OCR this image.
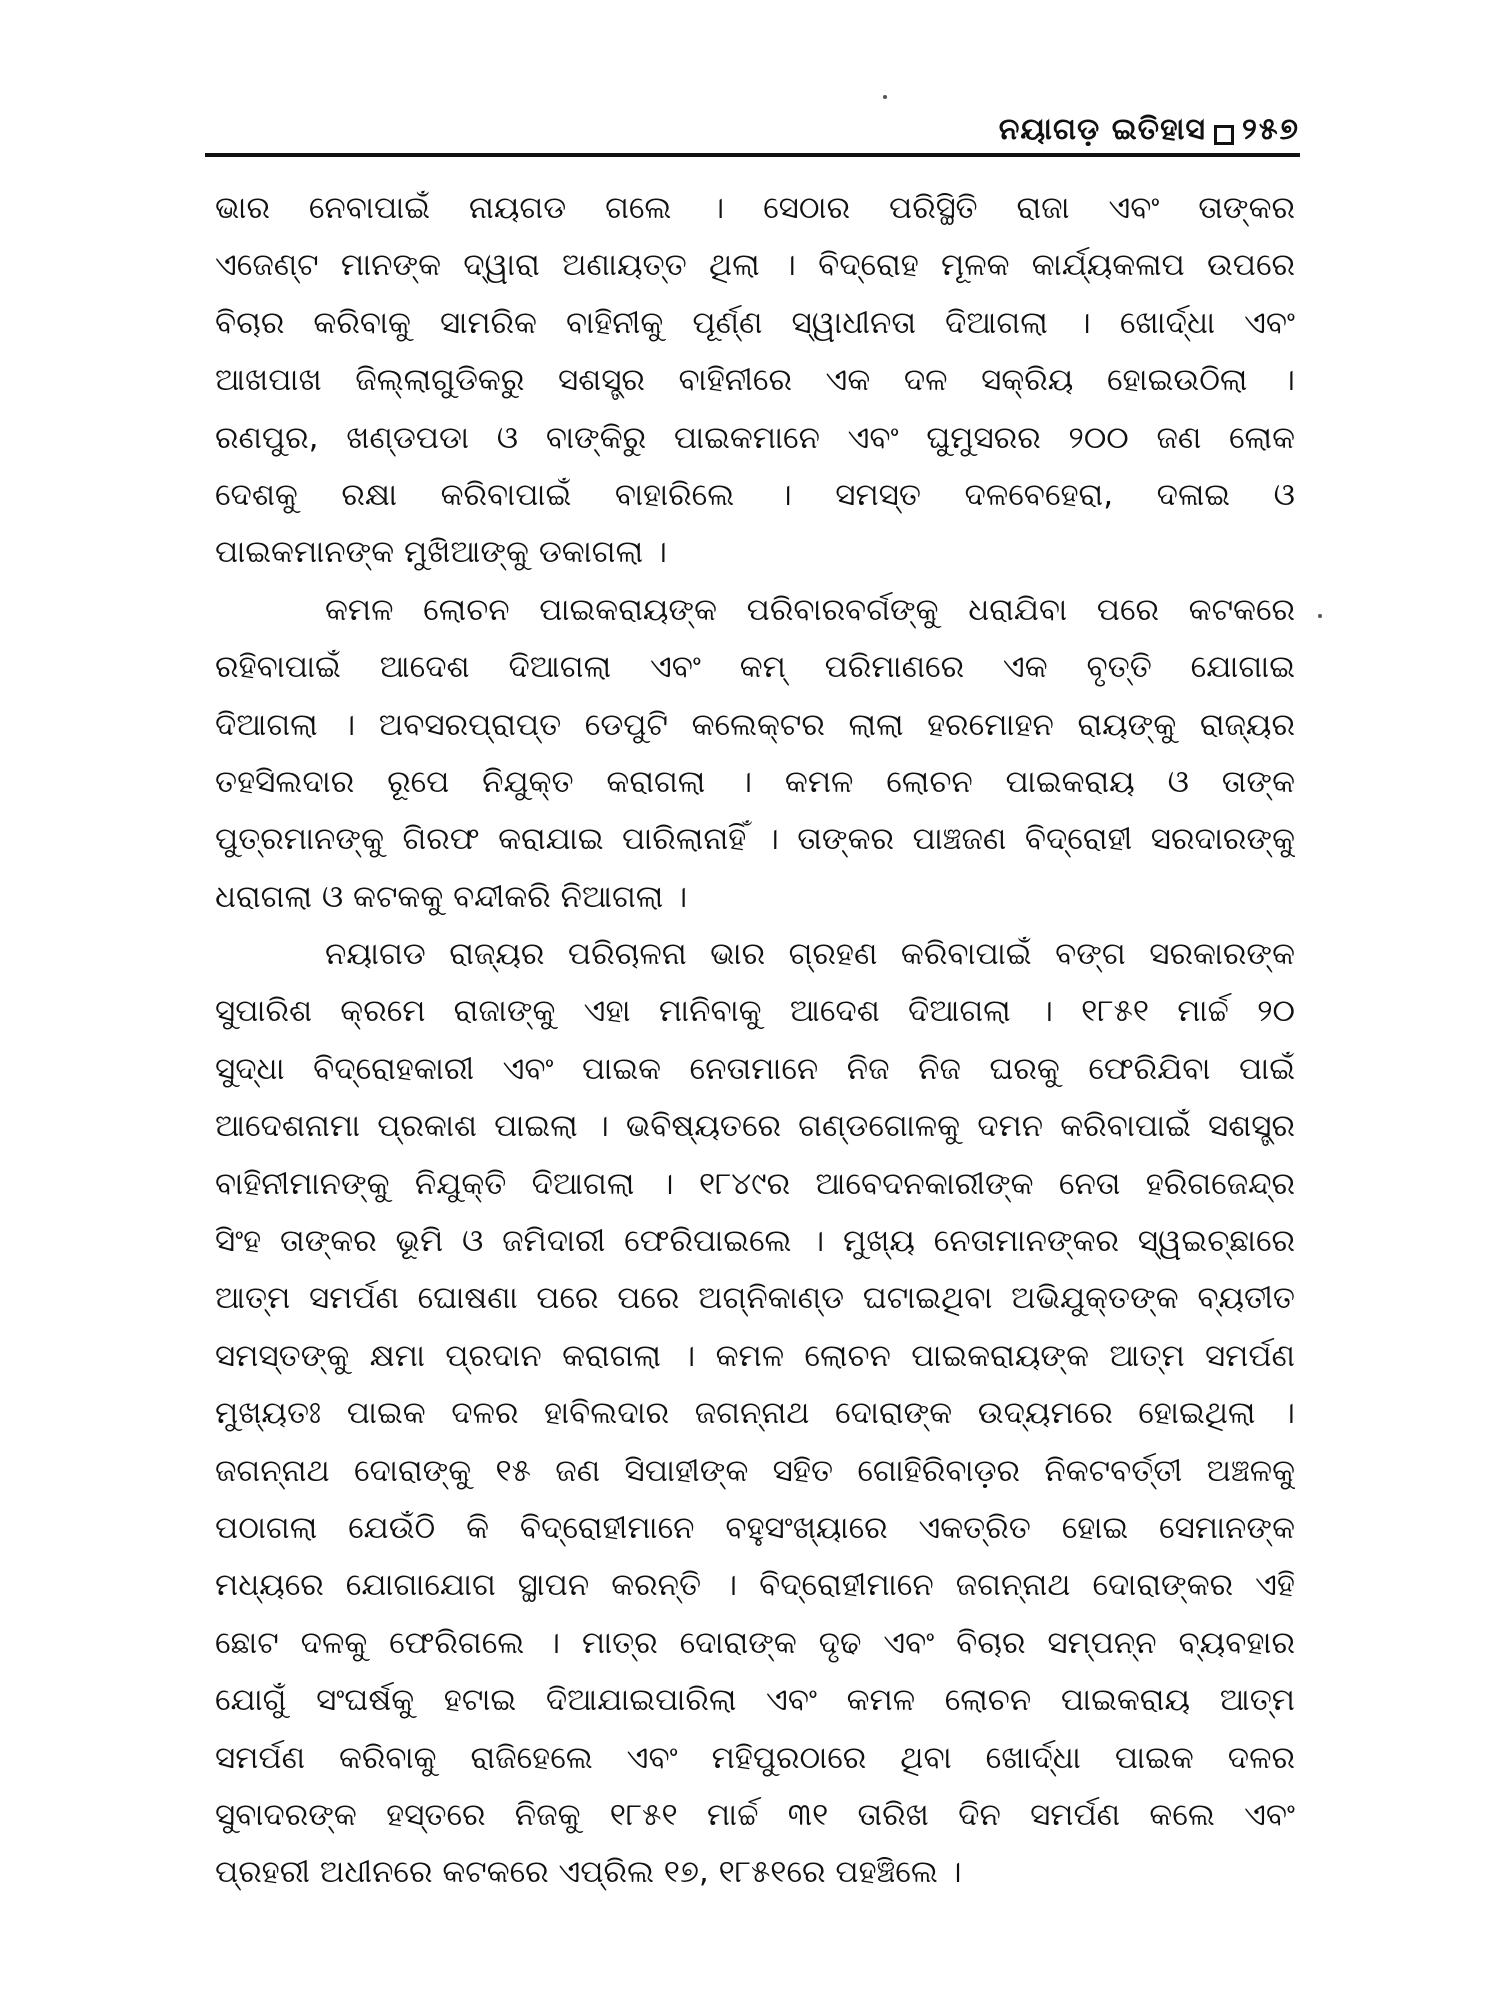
ନୟାଗଡ଼ ଇତିହାସ ୨୫୭
ଭାର ନେବାପାଇଁ ନାୟଗଡ ଗଲେ । ସେଠାର ପରିସ୍ଥିତି ରାଜା ଏବଂ ତାଙ୍କର
ଏଜେଣ୍ଟ ମାନଙ୍କ ଦ୍ୱାରା ଅଣାୟତ୍ତ ଥିଲା । ବିଦ୍ରୋହ ମୂଳକ କାର୍ଯ୍ୟକଳାପ ଉପରେ
ବିଚାର କରିବାକୁ ସାମରିକ ବାହିନୀକୁ ପୂର୍ଣ୍ଣ ସ୍ୱାଧୀନତା ଦିଆଗଲା । ଖୋର୍ଦ୍ଧା ଏବଂ
ଆଖପାଖ ଜିଲ୍ଲାଗୁଡିକରୁ ସଶସ୍ତ୍ର ବାହିନୀରେ ଏକ ଦଳ ସକ୍ରିୟ ହୋଇଉଠିଲା ।
ରଣପୁର, ଖଣ୍ଡପଡା ଓ ବାଙ୍କିରୁ ପାଇକମାନେ ଏବଂ ଘୁମୁସରର ୨୦୦ ଜଣ ଲୋକ
ଦେଶକୁ ରକ୍ଷା କରିବାପାଇଁ ବାହାରିଲେ । ସମସ୍ତ ଦଳବେହେରା, ଦଳାଇ ଓ
ପାଇକମାନଙ୍କ ମୁଖିଆଙ୍କୁ ଡକାଗଲା ।
କମଳ ଲୋଚନ ପାଇକରାୟଙ୍କ ପରିବାରବର୍ଗଙ୍କୁ ଧରାଯିବା ପରେ କଟକରେ
ରହିବାପାଇଁ ଆଦେଶ ଦିଆଗଲା ଏବଂ କମ୍ ପରିମାଣରେ ଏକ ବୃତ୍ତି ଯୋଗାଇ
ଦିଆଗଲା । ଅବସରପ୍ରାପ୍ତ ଡେପୁଟି କଲେକ୍ଟର ଲାଲା ହରମୋହନ ରାୟଙ୍କୁ ରାଜ୍ୟର
ତହସିଲଦାର ରୂପେ ନିଯୁକ୍ତ କରାଗଲା । କମଳ ଲୋଚନ ପାଇକରାୟ ଓ ତାଙ୍କ
ପୁତ୍ରମାନଙ୍କୁ ଗିରଫ କରାଯାଇ ପାରିଲାନାହିଁ । ତାଙ୍କର ପାଞ୍ଚଜଣ ବିଦ୍ରୋହୀ ସରଦାରଙ୍କୁ
ଧରାଗଲା ଓ କଟକକୁ ବନ୍ଦୀକରି ନିଆଗଲା ।
ନୟାଗଡ ରାଜ୍ୟର ପରିଚାଳନା ଭାର ଗ୍ରହଣ କରିବାପାଇଁ ବଙ୍ଗ ସରକାରଙ୍କ
ସୁପାରିଶ କ୍ରମେ ରାଜାଙ୍କୁ ଏହା ମାନିବାକୁ ଆଦେଶ ଦିଆଗଲା । ୧୮୫୧ ମାର୍ଚ୍ଚ ୨୦
ସୁଦ୍ଧା ବିଦ୍ରୋହକାରୀ ଏବଂ ପାଇକ ନେତାମାନେ ନିଜ ନିଜ ଘରକୁ ଫେରିଯିବା ପାଇଁ
ଆଦେଶନାମା ପ୍ରକାଶ ପାଇଲା । ଭବିଷ୍ୟତରେ ଗଣ୍ଡଗୋଳକୁ ଦମନ କରିବାପାଇଁ ସଶସ୍ତ୍ର
ବାହିନୀମାନଙ୍କୁ ନିଯୁକ୍ତି ଦିଆଗଲା । ୧୮୪୯ର ଆବେଦନକାରୀଙ୍କ ନେତା ହରିଗଜେନ୍ଦ୍ର
ସିଂହ ତାଙ୍କର ଭୂମି ଓ ଜମିଦାରୀ ଫେରିପାଇଲେ । ମୁଖ୍ୟ ନେତାମାନଙ୍କର ସ୍ୱଇଚ୍ଛାରେ
ଆତ୍ମ ସମର୍ପଣ ଘୋଷଣା ପରେ ପରେ ଅଗ୍ନିକାଣ୍ଡ ଘଟାଇଥିବା ଅଭିଯୁକ୍ତଙ୍କ ବ୍ୟତୀତ
ସମସ୍ତଙ୍କୁ କ୍ଷମା ପ୍ରଦାନ କରାଗଲା । କମଳ ଲୋଚନ ପାଇକରାୟଙ୍କ ଆତ୍ମ ସମର୍ପଣ
ମୁଖ୍ୟତଃ ପାଇକ ଦଳର ହାବିଲଦାର ଜଗନ୍ନାଥ ଦୋରାଙ୍କ ଉଦ୍ୟମରେ ହୋଇଥିଲା ।
ଜଗନ୍ନାଥ ଦୋରାଙ୍କୁ ୧୫ ଜଣ ସିପାହୀଙ୍କ ସହିତ ଗୋହିରିବାଡ଼ର ନିକଟବର୍ତ୍ତୀ ଅଞ୍ଚଳକୁ
ପଠାଗଲା ଯେଉଁଠି କି ବିଦ୍ରୋହୀମାନେ ବହୁସଂଖ୍ୟାରେ ଏକତ୍ରିତ ହୋଇ ସେମାନଙ୍କ
ମଧ୍ୟରେ ଯୋଗାଯୋଗ ସ୍ଥାପନ କରନ୍ତି । ବିଦ୍ରୋହୀମାନେ ଜଗନ୍ନାଥ ଦୋରାଙ୍କର ଏହି
ଛୋଟ ଦଳକୁ ଫେରିଗଲେ । ମାତ୍ର ଦୋରାଙ୍କ ଦୃଢ ଏବଂ ବିଚାର ସମ୍ପନ୍ନ ବ୍ୟବହାର
ଯୋଗୁଁ ସଂଘର୍ଷକୁ ହଟାଇ ଦିଆଯାଇପାରିଲା ଏବଂ କମଳ ଲୋଚନ ପାଇକରାୟ ଆତ୍ମ
ସମର୍ପଣ କରିବାକୁ ରାଜିହେଲେ ଏବଂ ମହିପୁରଠାରେ ଥିବା ଖୋର୍ଦ୍ଧା ପାଇକ ଦଳର
ସୁବାଦରଙ୍କ ହସ୍ତରେ ନିଜକୁ ୧୮୫୧ ମାର୍ଚ୍ଚ ୩୧ ତାରିଖ ଦିନ ସମର୍ପଣ କଲେ ଏବଂ
ପ୍ରହରୀ ଅଧୀନରେ କଟକରେ ଏପ୍ରିଲ ୧୭, ୧୮୫୧ରେ ପହଞ୍ଚିଲେ ।
